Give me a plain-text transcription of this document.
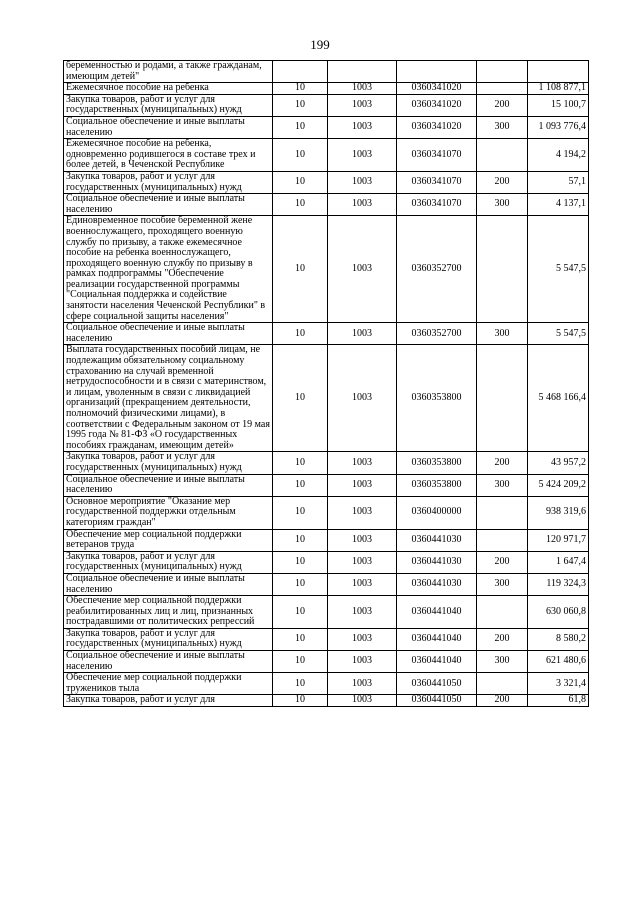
199
беременностью и родами, а также гражданам, имеющим детей"					
Ежемесячное пособие на ребенка	10	1003	0360341020		1 108 877,1
Закупка товаров, работ и услуг для государственных (муниципальных) нужд	10	1003	0360341020	200	15 100,7
Социальное обеспечение и иные выплаты населению	10	1003	0360341020	300	1 093 776,4
Ежемесячное пособие на ребенка, одновременно родившегося в составе трех и более детей, в Чеченской Республике	10	1003	0360341070		4 194,2
Закупка товаров, работ и услуг для государственных (муниципальных) нужд	10	1003	0360341070	200	57,1
Социальное обеспечение и иные выплаты населению	10	1003	0360341070	300	4 137,1
Единовременное пособие беременной жене военнослужащего, проходящего военную службу по призыву, а также ежемесячное пособие на ребенка военнослужащего, проходящего военную службу по призыву в рамках подпрограммы "Обеспечение реализации государственной программы "Социальная поддержка и содействие занятости населения Чеченской Республики" в сфере социальной защиты населения"	10	1003	0360352700		5 547,5
Социальное обеспечение и иные выплаты населению	10	1003	0360352700	300	5 547,5
Выплата государственных пособий лицам, не подлежащим обязательному социальному страхованию на случай временной нетрудоспособности и в связи с материнством, и лицам, уволенным в связи с ликвидацией организаций (прекращением деятельности, полномочий физическими лицами), в соответствии с Федеральным законом от 19 мая 1995 года № 81-ФЗ «О государственных пособиях гражданам, имеющим детей»	10	1003	0360353800		5 468 166,4
Закупка товаров, работ и услуг для государственных (муниципальных) нужд	10	1003	0360353800	200	43 957,2
Социальное обеспечение и иные выплаты населению	10	1003	0360353800	300	5 424 209,2
Основное мероприятие "Оказание мер государственной поддержки отдельным категориям граждан"	10	1003	0360400000		938 319,6
Обеспечение мер социальной поддержки ветеранов труда	10	1003	0360441030		120 971,7
Закупка товаров, работ и услуг для государственных (муниципальных) нужд	10	1003	0360441030	200	1 647,4
Социальное обеспечение и иные выплаты населению	10	1003	0360441030	300	119 324,3
Обеспечение мер социальной поддержки реабилитированных лиц и лиц, признанных пострадавшими от политических репрессий	10	1003	0360441040		630 060,8
Закупка товаров, работ и услуг для государственных (муниципальных) нужд	10	1003	0360441040	200	8 580,2
Социальное обеспечение и иные выплаты населению	10	1003	0360441040	300	621 480,6
Обеспечение мер социальной поддержки тружеников тыла	10	1003	0360441050		3 321,4
Закупка товаров, работ и услуг для	10	1003	0360441050	200	61,8
